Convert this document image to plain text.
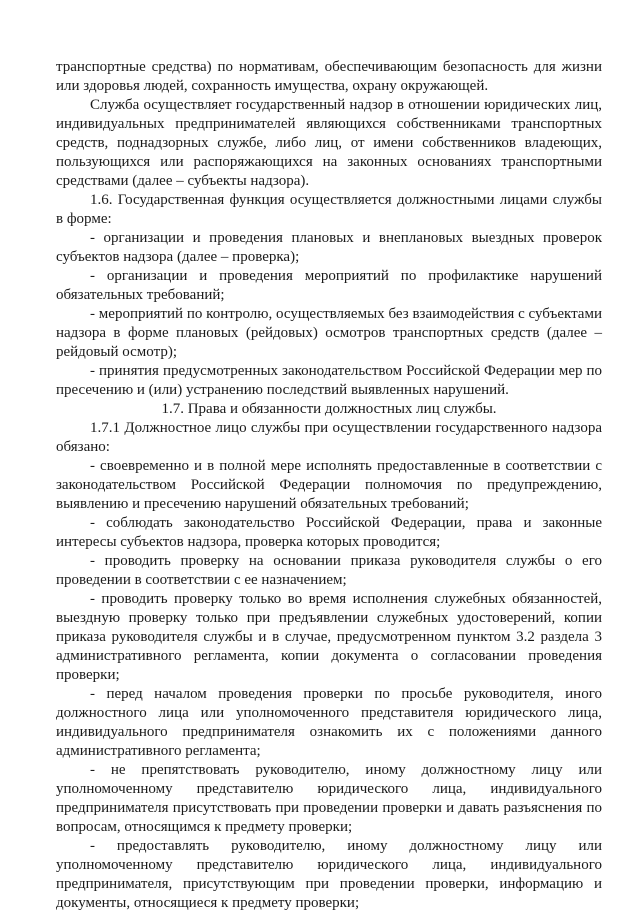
транспортные средства) по нормативам, обеспечивающим безопасность для жизни или здоровья людей, сохранность имущества, охрану окружающей.

Служба осуществляет государственный надзор в отношении юридических лиц, индивидуальных предпринимателей являющихся собственниками транспортных средств, поднадзорных службе, либо лиц, от имени собственников владеющих, пользующихся или распоряжающихся на законных основаниях транспортными средствами (далее – субъекты надзора).

1.6. Государственная функция осуществляется должностными лицами службы в форме:

- организации и проведения плановых и внеплановых выездных проверок субъектов надзора (далее – проверка);

- организации и проведения мероприятий по профилактике нарушений обязательных требований;

- мероприятий по контролю, осуществляемых без взаимодействия с субъектами надзора в форме плановых (рейдовых) осмотров транспортных средств (далее – рейдовый осмотр);

- принятия предусмотренных законодательством Российской Федерации мер по пресечению и (или) устранению последствий выявленных нарушений.

1.7. Права и обязанности должностных лиц службы.

1.7.1 Должностное лицо службы при осуществлении государственного надзора обязано:

- своевременно и в полной мере исполнять предоставленные в соответствии с законодательством Российской Федерации полномочия по предупреждению, выявлению и пресечению нарушений обязательных требований;

- соблюдать законодательство Российской Федерации, права и законные интересы субъектов надзора, проверка которых проводится;

- проводить проверку на основании приказа руководителя службы о его проведении в соответствии с ее назначением;

- проводить проверку только во время исполнения служебных обязанностей, выездную проверку только при предъявлении служебных удостоверений, копии приказа руководителя службы и в случае, предусмотренном пунктом 3.2 раздела 3 административного регламента, копии документа о согласовании проведения проверки;

- перед началом проведения проверки по просьбе руководителя, иного должностного лица или уполномоченного представителя юридического лица, индивидуального предпринимателя ознакомить их с положениями данного административного регламента;

- не препятствовать руководителю, иному должностному лицу или уполномоченному представителю юридического лица, индивидуального предпринимателя присутствовать при проведении проверки и давать разъяснения по вопросам, относящимся к предмету проверки;

- предоставлять руководителю, иному должностному лицу или уполномоченному представителю юридического лица, индивидуального предпринимателя, присутствующим при проведении проверки, информацию и документы, относящиеся к предмету проверки;
